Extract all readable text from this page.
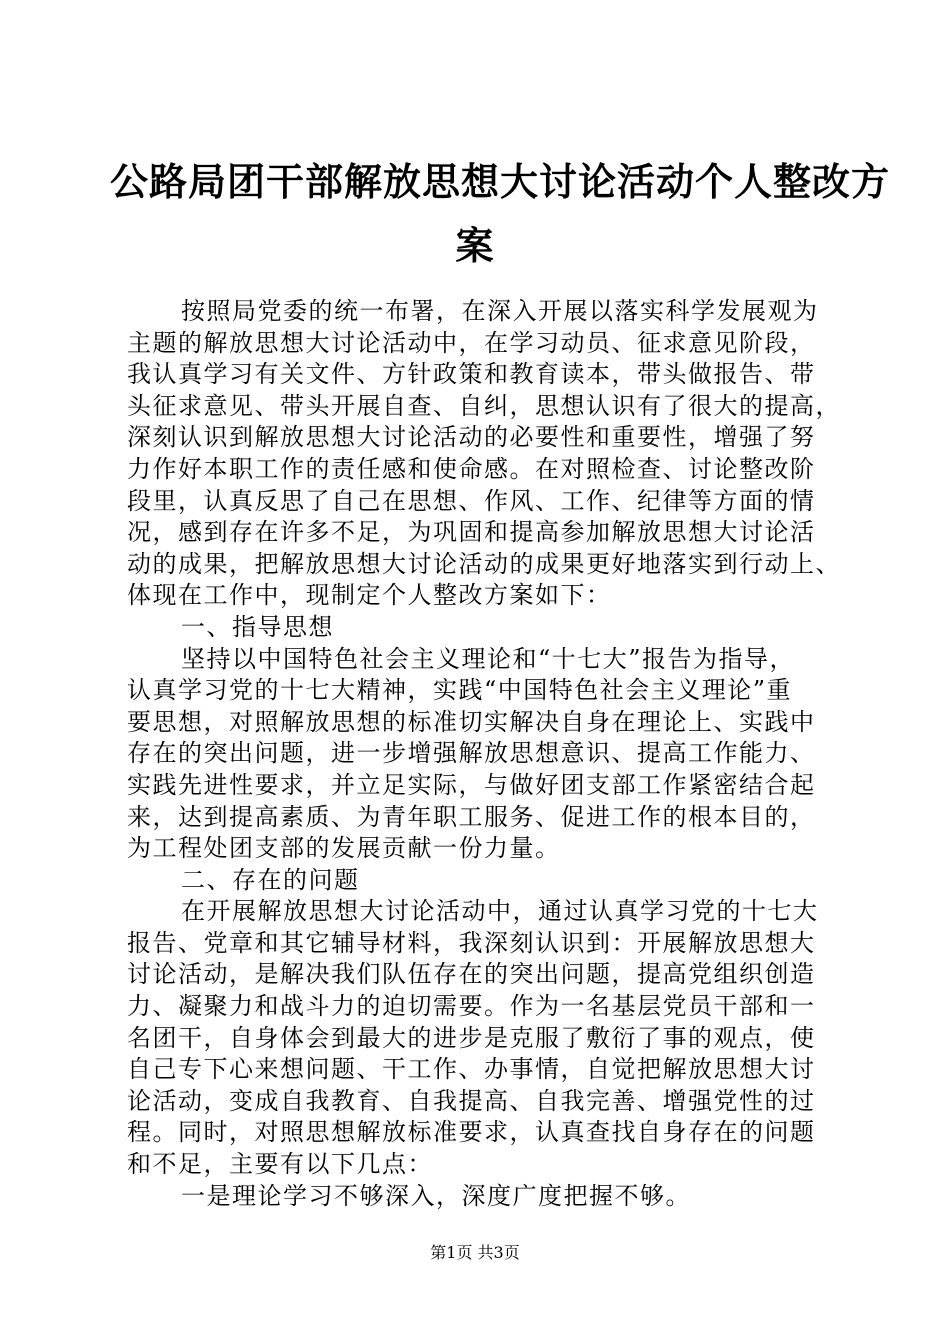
公路局团干部解放思想大讨论活动个人整改方
案
按照局党委的统一布署，在深入开展以落实科学发展观为
主题的解放思想大讨论活动中，在学习动员、征求意见阶段，
我认真学习有关文件、方针政策和教育读本，带头做报告、带
头征求意见、带头开展自查、自纠，思想认识有了很大的提高，
深刻认识到解放思想大讨论活动的必要性和重要性，增强了努
力作好本职工作的责任感和使命感。在对照检查、讨论整改阶
段里，认真反思了自己在思想、作风、工作、纪律等方面的情
况，感到存在许多不足，为巩固和提高参加解放思想大讨论活
动的成果，把解放思想大讨论活动的成果更好地落实到行动上、
体现在工作中，现制定个人整改方案如下：
一、指导思想
坚持以中国特色社会主义理论和“十七大”报告为指导，
认真学习党的十七大精神，实践“中国特色社会主义理论”重
要思想，对照解放思想的标准切实解决自身在理论上、实践中
存在的突出问题，进一步增强解放思想意识、提高工作能力、
实践先进性要求，并立足实际，与做好团支部工作紧密结合起
来，达到提高素质、为青年职工服务、促进工作的根本目的，
为工程处团支部的发展贡献一份力量。
二、存在的问题
在开展解放思想大讨论活动中，通过认真学习党的十七大
报告、党章和其它辅导材料，我深刻认识到：开展解放思想大
讨论活动，是解决我们队伍存在的突出问题，提高党组织创造
力、凝聚力和战斗力的迫切需要。作为一名基层党员干部和一
名团干，自身体会到最大的进步是克服了敷衍了事的观点，使
自己专下心来想问题、干工作、办事情，自觉把解放思想大讨
论活动，变成自我教育、自我提高、自我完善、增强党性的过
程。同时，对照思想解放标准要求，认真查找自身存在的问题
和不足，主要有以下几点：
一是理论学习不够深入，深度广度把握不够。
第1页 共3页
